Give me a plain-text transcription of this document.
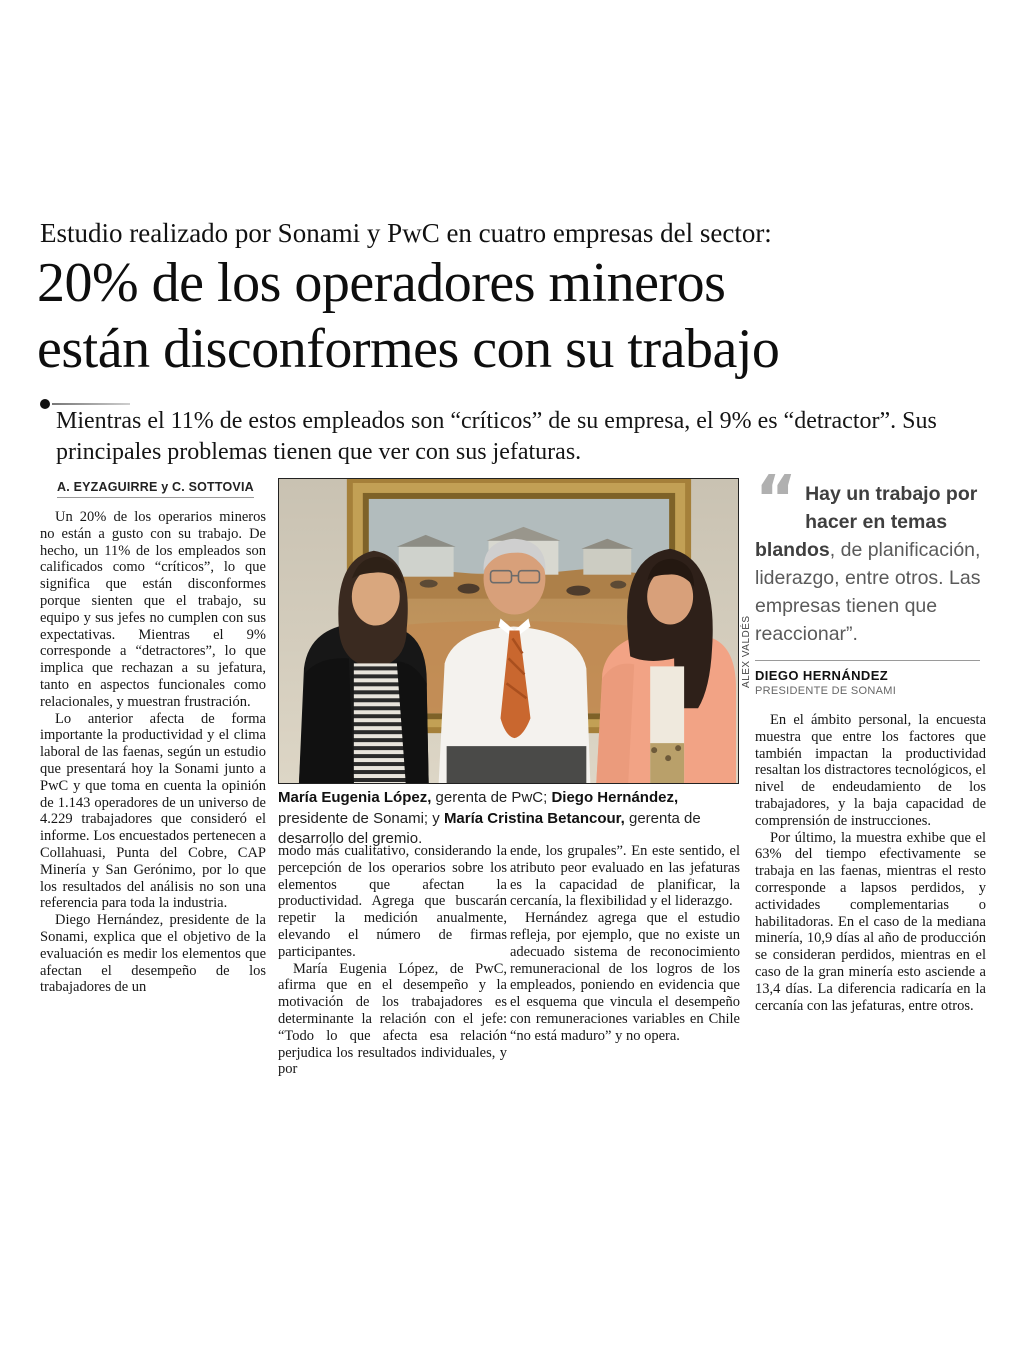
Estudio realizado por Sonami y PwC en cuatro empresas del sector:
20% de los operadores mineros
están disconformes con su trabajo
Mientras el 11% de estos empleados son “críticos” de su empresa, el 9% es “detractor”. Sus principales problemas tienen que ver con sus jefaturas.
A. EYZAGUIRRE y C. SOTTOVIA

Un 20% de los operarios mineros no están a gusto con su trabajo. De hecho, un 11% de los empleados son calificados como “críticos”, lo que significa que están disconformes porque sienten que el trabajo, su equipo y sus jefes no cumplen con sus expectativas. Mientras el 9% corresponde a “detractores”, lo que implica que rechazan a su jefatura, tanto en aspectos funcionales como relacionales, y muestran frustración.

Lo anterior afecta de forma importante la productividad y el clima laboral de las faenas, según un estudio que presentará hoy la Sonami junto a PwC y que toma en cuenta la opinión de 1.143 operadores de un universo de 4.229 trabajadores que consideró el informe. Los encuestados pertenecen a Collahuasi, Punta del Cobre, CAP Minería y San Gerónimo, por lo que los resultados del análisis no son una referencia para toda la industria.

Diego Hernández, presidente de la Sonami, explica que el objetivo de la evaluación es medir los elementos que afectan el desempeño de los trabajadores de un

ALEX VALDÉS
María Eugenia López, gerenta de PwC; Diego Hernández, presidente de Sonami; y María Cristina Betancour, gerenta de desarrollo del gremio.

modo más cualitativo, considerando la percepción de los operarios sobre los elementos que afectan la productividad. Agrega que buscarán repetir la medición anualmente, elevando el número de firmas participantes.

María Eugenia López, de PwC, afirma que en el desempeño y la motivación de los trabajadores es determinante la relación con el jefe: “Todo lo que afecta esa relación perjudica los resultados individuales, y por

ende, los grupales”. En este sentido, el atributo peor evaluado en las jefaturas es la capacidad de planificar, la cercanía, la flexibilidad y el liderazgo.

Hernández agrega que el estudio refleja, por ejemplo, que no existe un adecuado sistema de reconocimiento remuneracional de los logros de los empleados, poniendo en evidencia que el esquema que vincula el desempeño con remuneraciones variables en Chile “no está maduro” y no opera.

“ Hay un trabajo por hacer en temas blandos, de planificación, liderazgo, entre otros. Las empresas tienen que reaccionar”.
DIEGO HERNÁNDEZ
PRESIDENTE DE SONAMI

En el ámbito personal, la encuesta muestra que entre los factores que también impactan la productividad resaltan los distractores tecnológicos, el nivel de endeudamiento de los trabajadores, y la baja capacidad de comprensión de instrucciones.

Por último, la muestra exhibe que el 63% del tiempo efectivamente se trabaja en las faenas, mientras el resto corresponde a lapsos perdidos, y actividades complementarias o habilitadoras. En el caso de la mediana minería, 10,9 días al año de producción se consideran perdidos, mientras en el caso de la gran minería esto asciende a 13,4 días. La diferencia radicaría en la cercanía con las jefaturas, entre otros.
